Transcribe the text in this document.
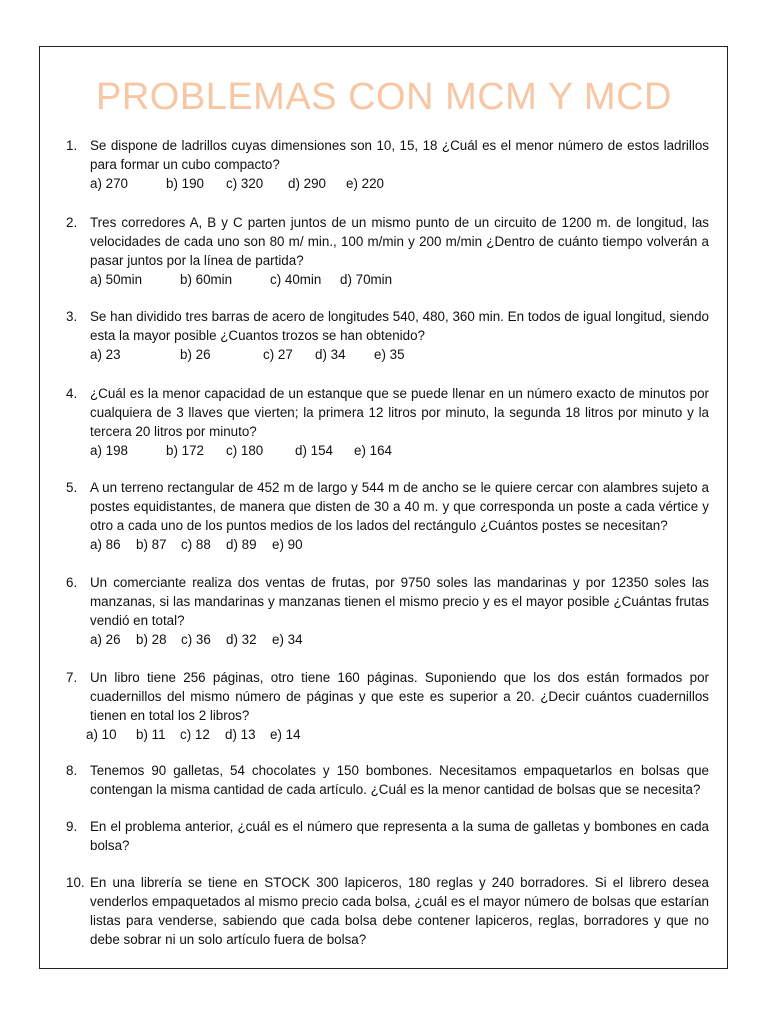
PROBLEMAS CON MCM Y MCD
1. Se dispone de ladrillos cuyas dimensiones son 10, 15, 18 ¿Cuál es el menor número de estos ladrillos para formar un cubo compacto?
a) 270	b) 190 c) 320 d) 290 e) 220
2. Tres corredores A, B y C parten juntos de un mismo punto de un circuito de 1200 m. de longitud, las velocidades de cada uno son 80 m/ min., 100 m/min y 200 m/min ¿Dentro de cuánto tiempo volverán a pasar juntos por la línea de partida?
a) 50min	b) 60min	c) 40min d) 70min
3. Se han dividido tres barras de acero de longitudes 540, 480, 360 min. En todos de igual longitud, siendo esta la mayor posible ¿Cuantos trozos se han obtenido?
a) 23	b) 26	c) 27 d) 34 e) 35
4. ¿Cuál es la menor capacidad de un estanque que se puede llenar en un número exacto de minutos por cualquiera de 3 llaves que vierten; la primera 12 litros por minuto, la segunda 18 litros por minuto y la tercera 20 litros por minuto?
a) 198	b) 172 c) 180 d) 154 e) 164
5. A un terreno rectangular de 452 m de largo y 544 m de ancho se le quiere cercar con alambres sujeto a postes equidistantes, de manera que disten de 30 a 40 m. y que corresponda un poste a cada vértice y otro a cada uno de los puntos medios de los lados del rectángulo ¿Cuántos postes se necesitan?
a) 86 b) 87 c) 88 d) 89 e) 90
6. Un comerciante realiza dos ventas de frutas, por 9750 soles las mandarinas y por 12350 soles las manzanas, si las mandarinas y manzanas tienen el mismo precio y es el mayor posible ¿Cuántas frutas vendió en total?
a) 26 b) 28 c) 36 d) 32 e) 34
7. Un libro tiene 256 páginas, otro tiene 160 páginas. Suponiendo que los dos están formados por cuadernillos del mismo número de páginas y que este es superior a 20. ¿Decir cuántos cuadernillos tienen en total los 2 libros?
a) 10 b) 11 c) 12 d) 13 e) 14
8. Tenemos 90 galletas, 54 chocolates y 150 bombones. Necesitamos empaquetarlos en bolsas que contengan la misma cantidad de cada artículo. ¿Cuál es la menor cantidad de bolsas que se necesita?
9. En el problema anterior, ¿cuál es el número que representa a la suma de galletas y bombones en cada bolsa?
10. En una librería se tiene en STOCK 300 lapiceros, 180 reglas y 240 borradores. Si el librero desea venderlos empaquetados al mismo precio cada bolsa, ¿cuál es el mayor número de bolsas que estarían listas para venderse, sabiendo que cada bolsa debe contener lapiceros, reglas, borradores y que no debe sobrar ni un solo artículo fuera de bolsa?
